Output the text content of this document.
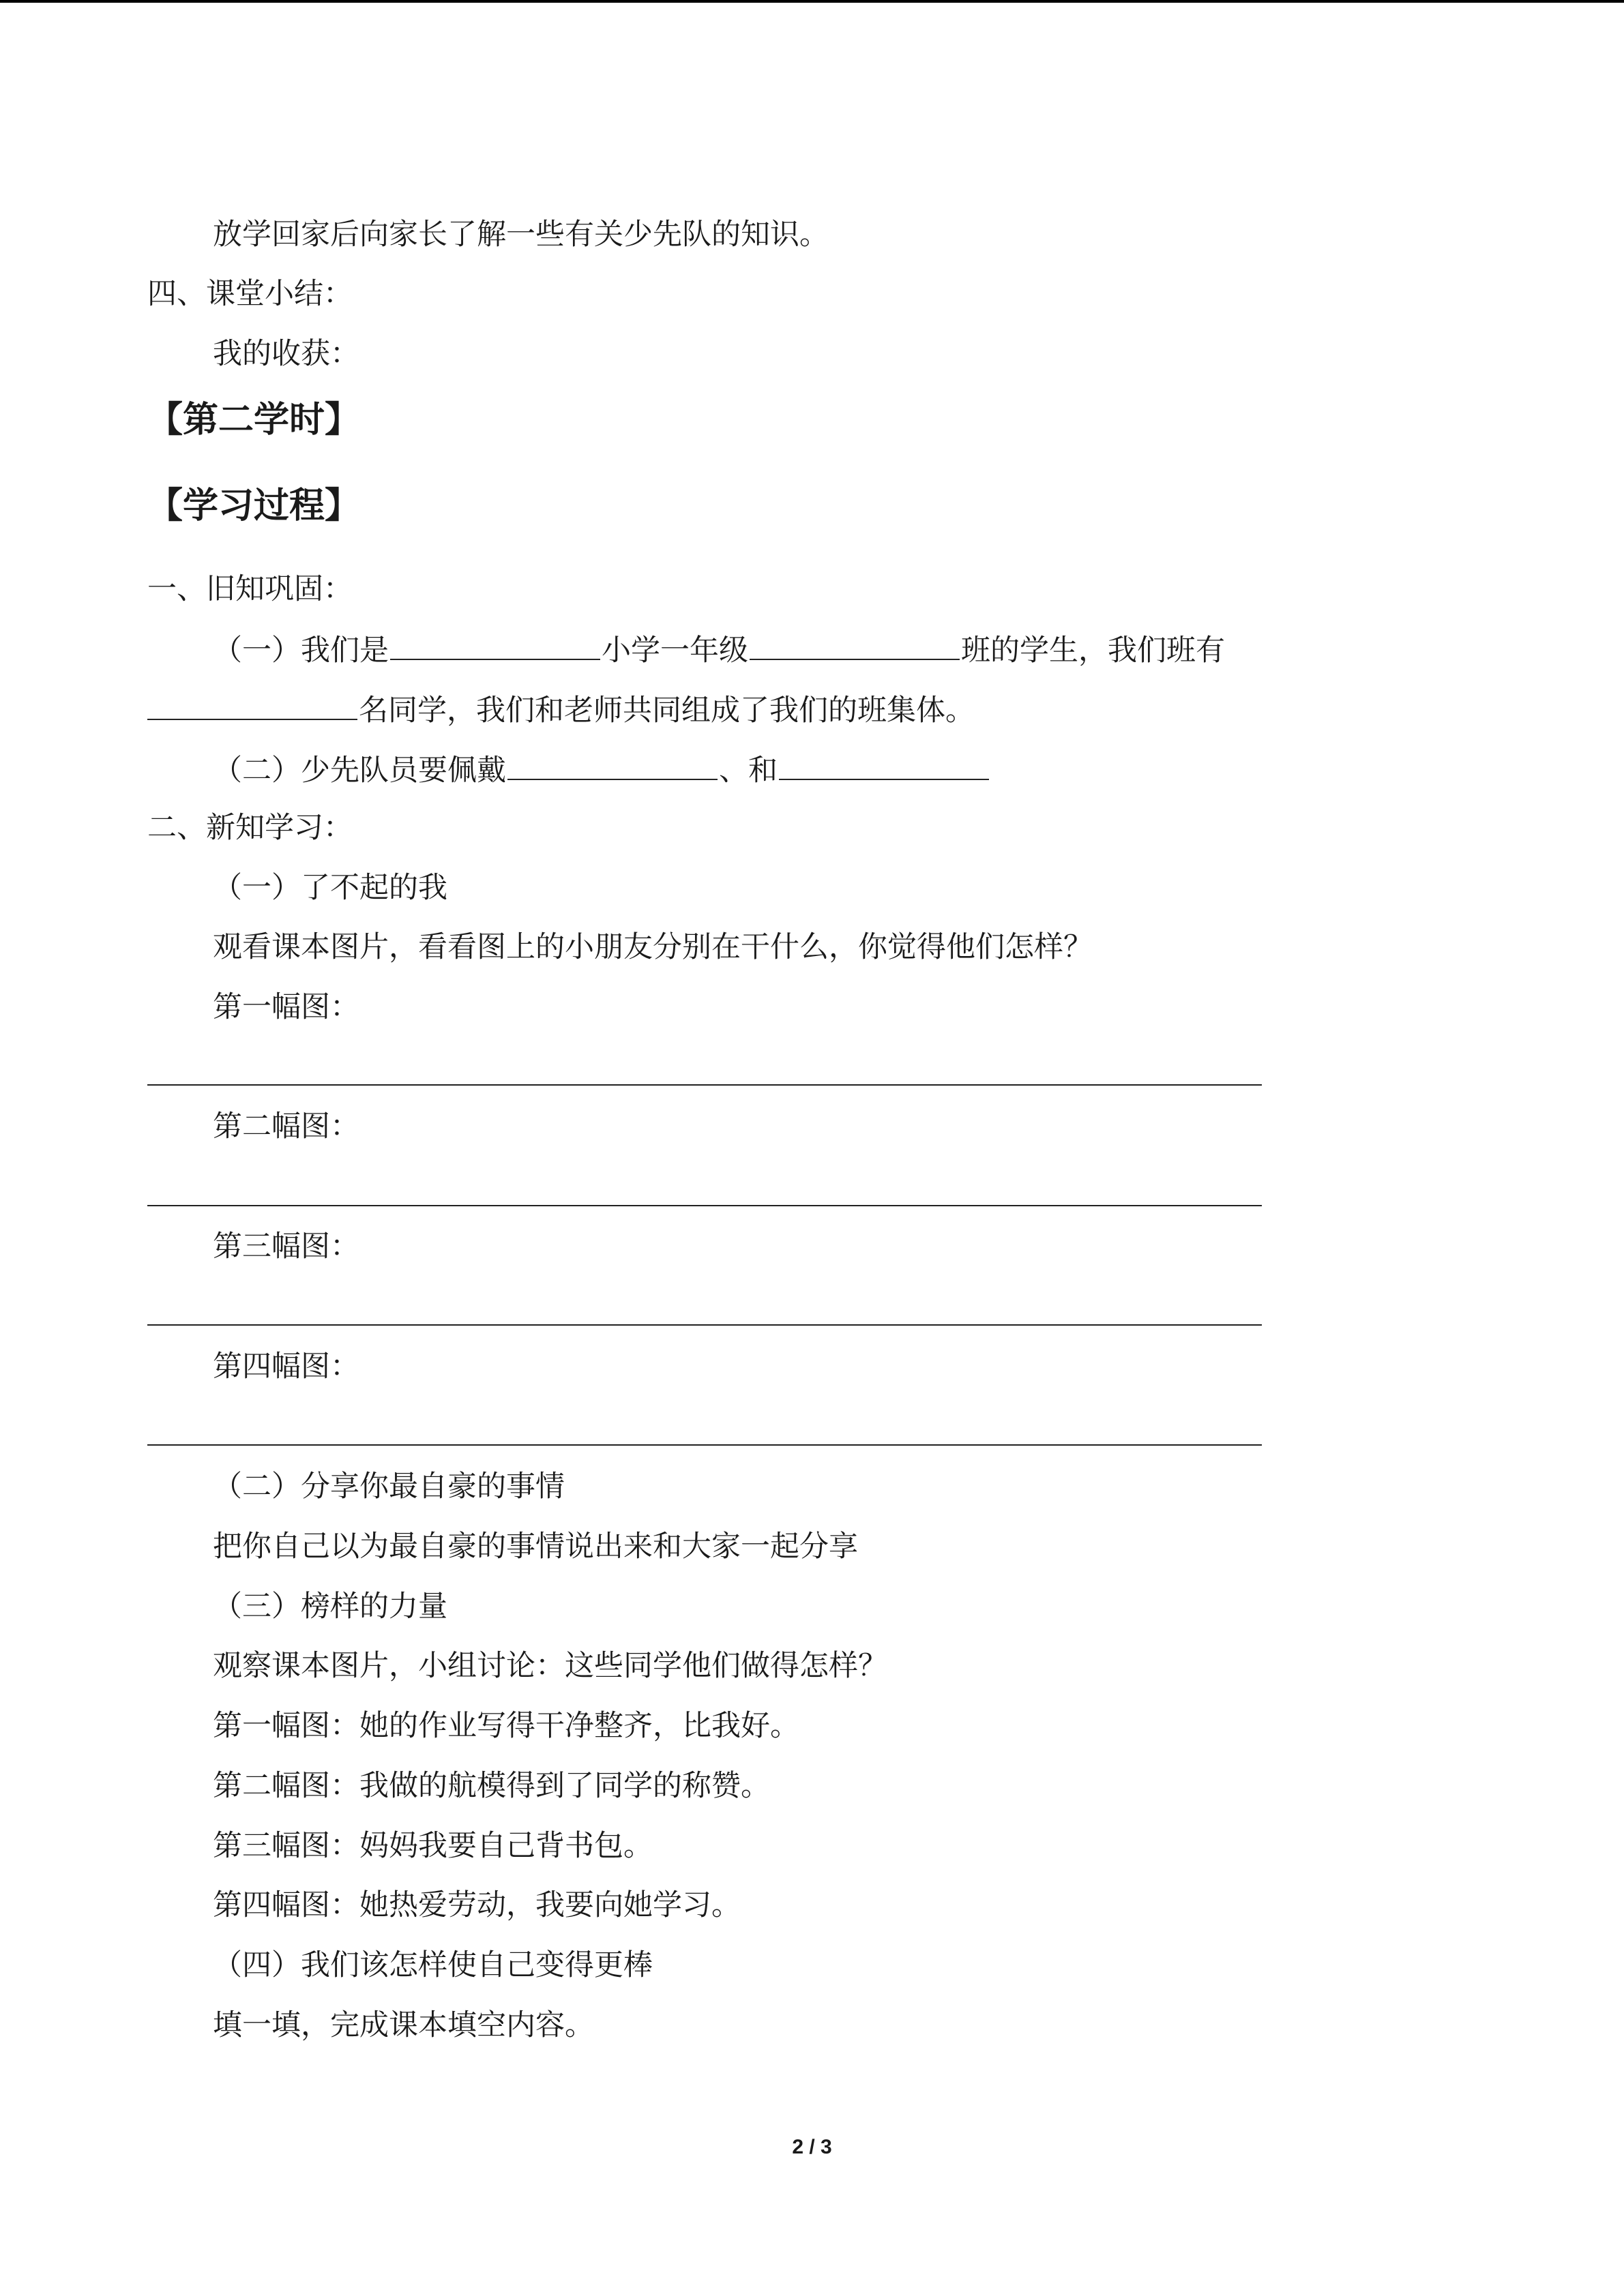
放学回家后向家长了解一些有关少先队的知识。

四、课堂小结：

我的收获：

【第二学时】

【学习过程】

一、旧知巩固：

（一）我们是	小学一年级	班的学生，我们班有

名同学，我们和老师共同组成了我们的班集体。

（二）少先队员要佩戴	、和

二、新知学习：

（一）了不起的我

观看课本图片，看看图上的小朋友分别在干什么，你觉得他们怎样？

第一幅图：

第二幅图：

第三幅图：

第四幅图：

（二）分享你最自豪的事情

把你自己以为最自豪的事情说出来和大家一起分享

（三）榜样的力量

观察课本图片，小组讨论：这些同学他们做得怎样？

第一幅图：她的作业写得干净整齐，比我好。

第二幅图：我做的航模得到了同学的称赞。

第三幅图：妈妈我要自己背书包。

第四幅图：她热爱劳动，我要向她学习。

（四）我们该怎样使自己变得更棒

填一填，完成课本填空内容。

2 / 3
